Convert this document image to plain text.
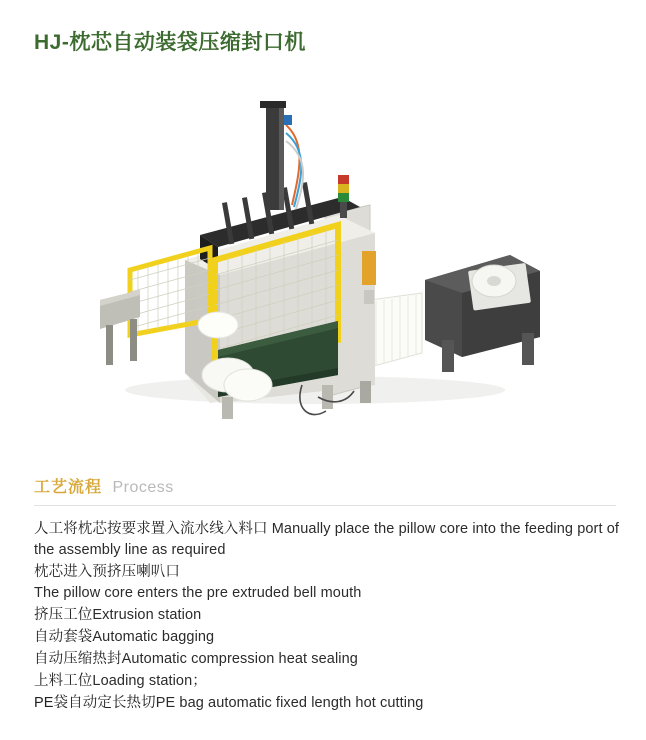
HJ-枕芯自动装袋压缩封口机
工艺流程 Process
人工将枕芯按要求置入流水线入料口 Manually place the pillow core into the feeding port of the assembly line as required
枕芯进入预挤压喇叭口
The pillow core enters the pre extruded bell mouth
挤压工位Extrusion station
自动套袋Automatic bagging
自动压缩热封Automatic compression heat sealing
上料工位Loading station；
PE袋自动定长热切PE bag automatic fixed length hot cutting
